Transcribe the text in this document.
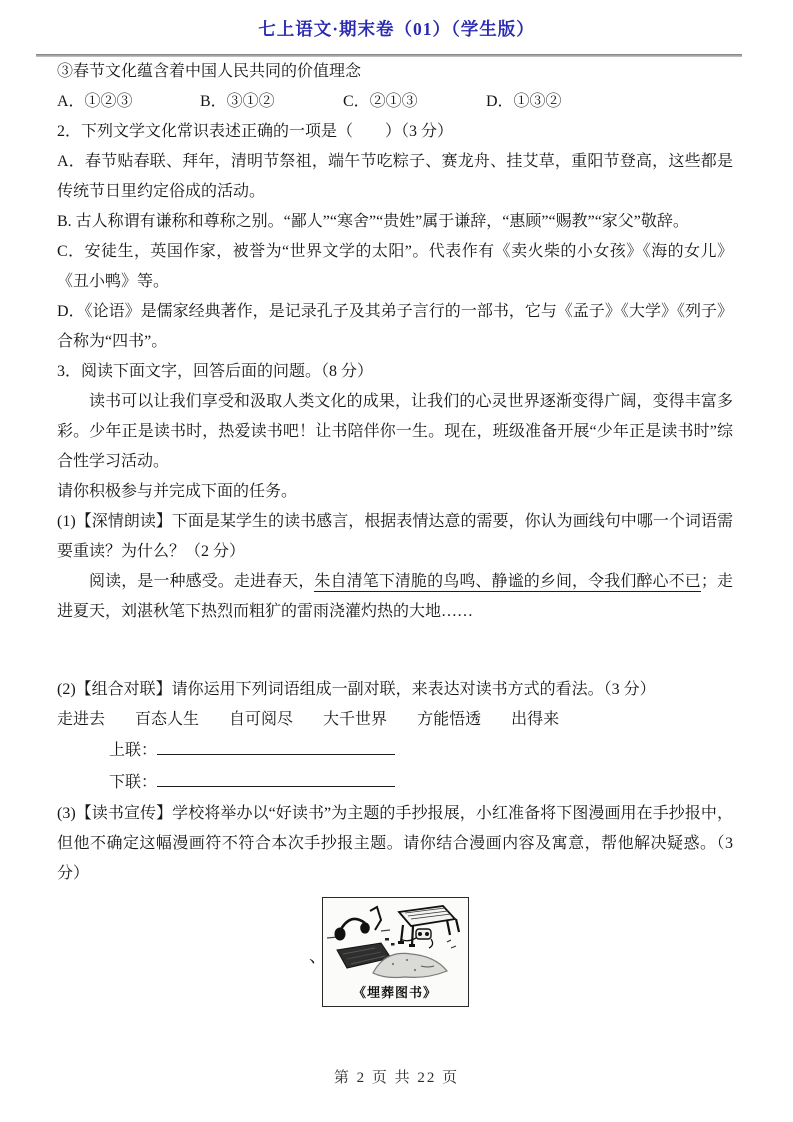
七上语文·期末卷（01）（学生版）

③春节文化蕴含着中国人民共同的价值理念

A．①②③	B．③①②	C．②①③	D．①③②

2．下列文学文化常识表述正确的一项是（　　）（3 分）

A．春节贴春联、拜年，清明节祭祖，端午节吃粽子、赛龙舟、挂艾草，重阳节登高，这些都是传统节日里约定俗成的活动。

B. 古人称谓有谦称和尊称之别。“鄙人”“寒舍”“贵姓”属于谦辞，“惠顾”“赐教”“家父”敬辞。

C．安徒生，英国作家，被誉为“世界文学的太阳”。代表作有《卖火柴的小女孩》《海的女儿》《丑小鸭》等。

D．《论语》是儒家经典著作，是记录孔子及其弟子言行的一部书，它与《孟子》《大学》《列子》合称为“四书”。

3．阅读下面文字，回答后面的问题。（8 分）

读书可以让我们享受和汲取人类文化的成果，让我们的心灵世界逐渐变得广阔，变得丰富多彩。少年正是读书时，热爱读书吧！让书陪伴你一生。现在，班级准备开展“少年正是读书时”综合性学习活动。

请你积极参与并完成下面的任务。

(1)【深情朗读】下面是某学生的读书感言，根据表情达意的需要，你认为画线句中哪一个词语需要重读？为什么？（2 分）

阅读，是一种感受。走进春天，朱自清笔下清脆的鸟鸣、静谧的乡间，令我们醉心不已；走进夏天，刘湛秋笔下热烈而粗犷的雷雨浇灌灼热的大地……

(2)【组合对联】请你运用下列词语组成一副对联，来表达对读书方式的看法。（3 分）

走进去 百态人生 自可阅尽 大千世界 方能悟透 出得来
上联：
下联：

(3)【读书宣传】学校将举办以“好读书”为主题的手抄报展，小红准备将下图漫画用在手抄报中，但他不确定这幅漫画符不符合本次手抄报主题。请你结合漫画内容及寓意，帮他解决疑惑。（3 分）

、
《埋葬图书》
第 2 页 共 22 页
